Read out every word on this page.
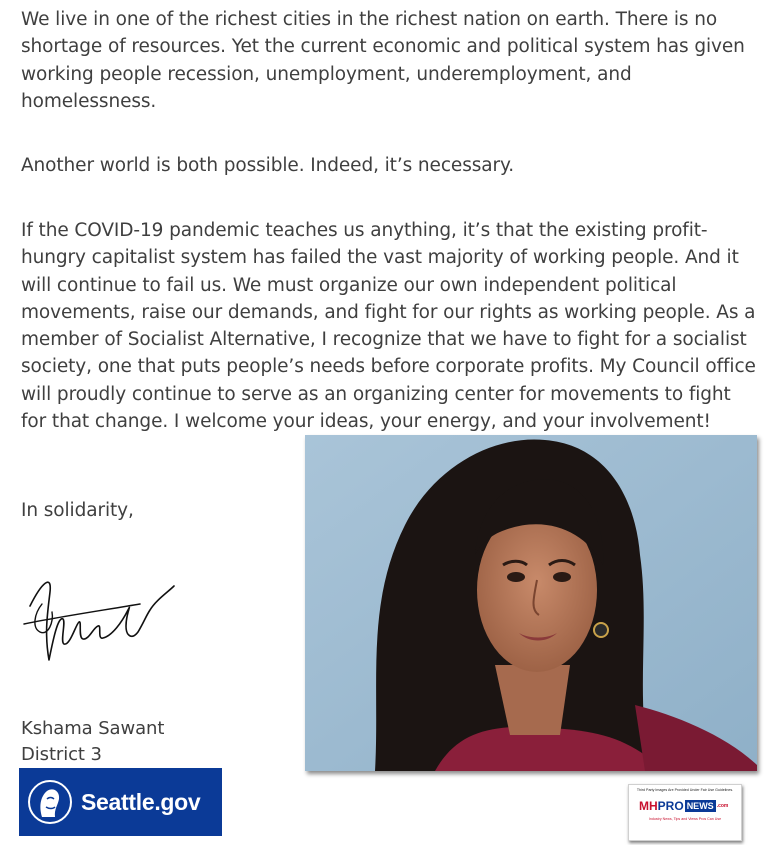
We live in one of the richest cities in the richest nation on earth. There is no shortage of resources. Yet the current economic and political system has given working people recession, unemployment, underemployment, and homelessness.

Another world is both possible. Indeed, it’s necessary.

If the COVID-19 pandemic teaches us anything, it’s that the existing profit-hungry capitalist system has failed the vast majority of working people. And it will continue to fail us. We must organize our own independent political movements, raise our demands, and fight for our rights as working people. As a member of Socialist Alternative, I recognize that we have to fight for a socialist society, one that puts people’s needs before corporate profits. My Council office will proudly continue to serve as an organizing center for movements to fight for that change. I welcome your ideas, your energy, and your involvement!

In solidarity,

Kshama Sawant

District 3

Seattle.gov	Third Party Images Are Provided Under Fair Use Guidelines.
MH PRO NEWS .com
Industry News, Tips and Views Pros Can Use
